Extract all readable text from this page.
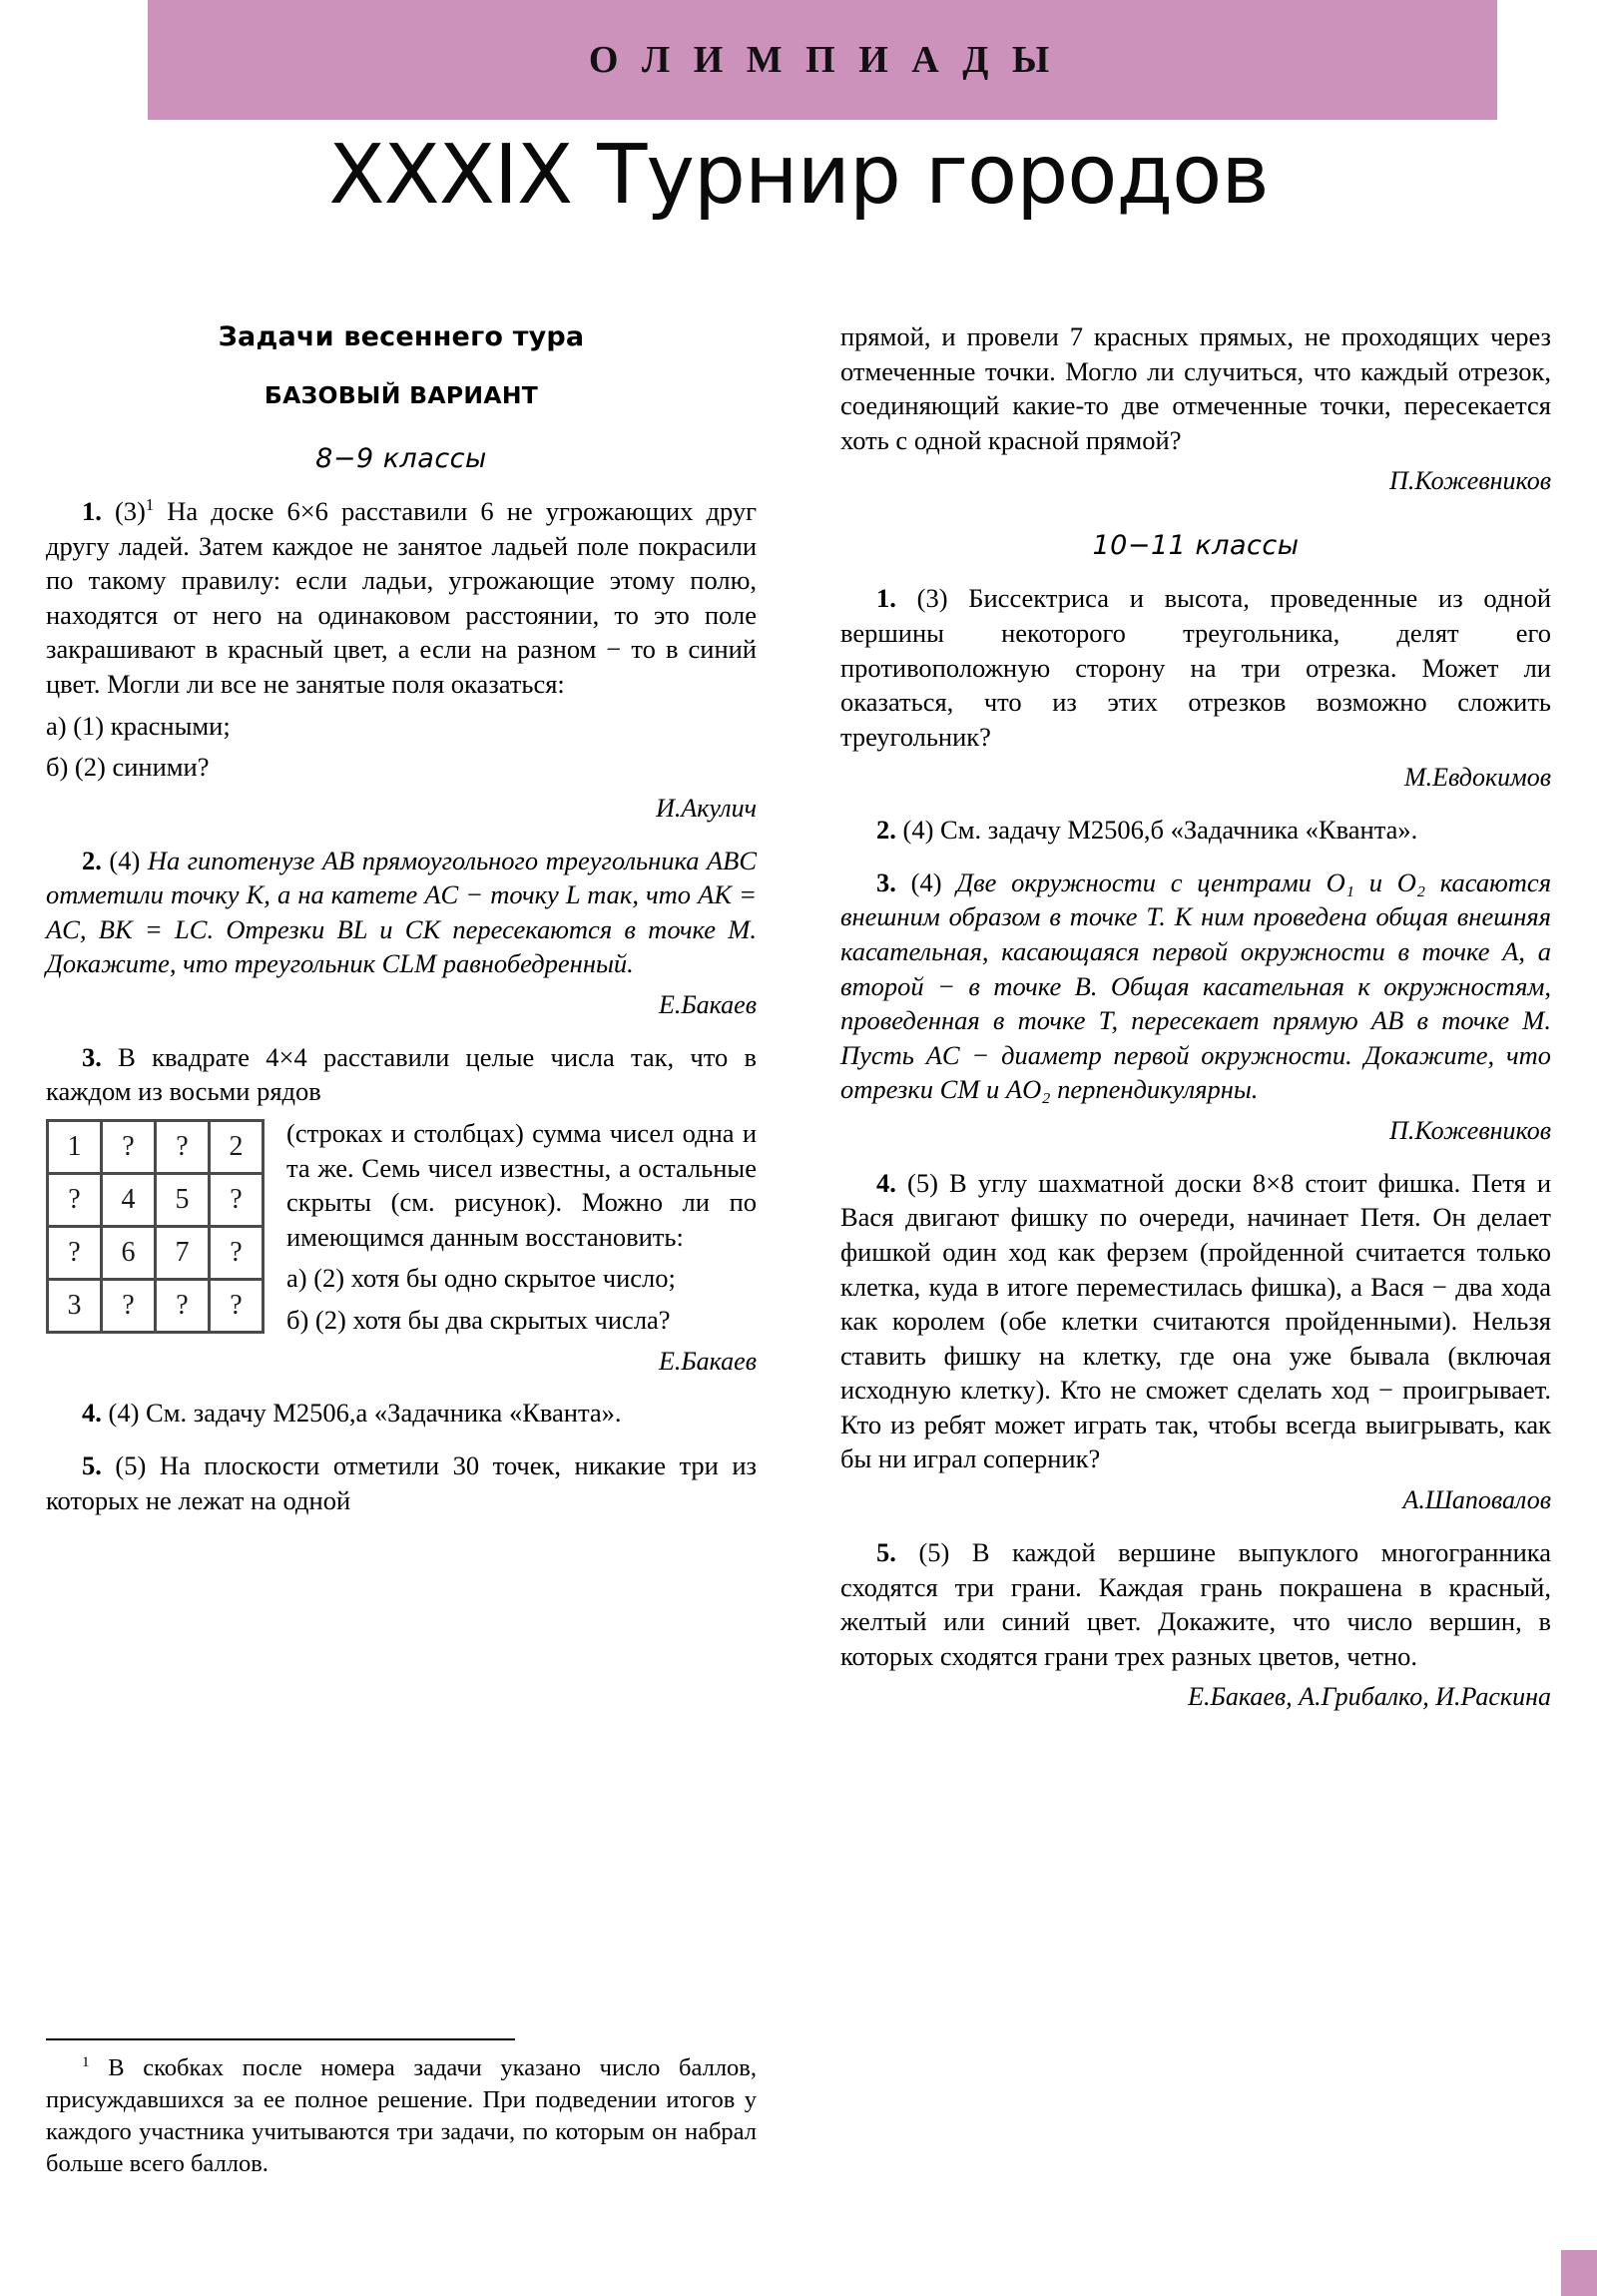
О Л И М П И А Д Ы
XXXIX Турнир городов

Задачи весеннего тура

БАЗОВЫЙ ВАРИАНТ

8−9 классы

1. $(3)^1$ На доске 6×6 расставили 6 не угрожающих друг другу ладей. Затем каждое не занятое ладьей поле покрасили по такому правилу: если ладьи, угрожающие этому полю, находятся от него на одинаковом расстоянии, то это поле закрашивают в красный цвет, а если на разном − то в синий цвет. Могли ли все не занятые поля оказаться:

а) (1) красными;

б) (2) синими?

И.Акулич

2. (4) На гипотенузе AB прямоугольного треугольника ABC отметили точку K, а на катете AC − точку L так, что AK = AC, BK = LC. Отрезки BL и CK пересекаются в точке M. Докажите, что треугольник CLM равнобедренный.

Е.Бакаев

3. В квадрате 4×4 расставили целые числа так, что в каждом из восьми рядов

1	?	?	2
?	4	5	?
?	6	7	?
3	?	?	?

(строках и столбцах) сумма чисел одна и та же. Семь чисел известны, а остальные скрыты (см. рисунок). Можно ли по имеющимся данным восстановить:

а) (2) хотя бы одно скрытое число;

б) (2) хотя бы два скрытых числа?

Е.Бакаев

4. (4) См. задачу М2506,а «Задачника «Кванта».

5. (5) На плоскости отметили 30 точек, никакие три из которых не лежат на одной

прямой, и провели 7 красных прямых, не проходящих через отмеченные точки. Могло ли случиться, что каждый отрезок, соединяющий какие-то две отмеченные точки, пересекается хоть с одной красной прямой?

П.Кожевников

10−11 классы

1. (3) Биссектриса и высота, проведенные из одной вершины некоторого треугольника, делят его противоположную сторону на три отрезка. Может ли оказаться, что из этих отрезков возможно сложить треугольник?

М.Евдокимов

2. (4) См. задачу М2506,б «Задачника «Кванта».

3. (4) Две окружности с центрами O₁ и O₂ касаются внешним образом в точке T. К ним проведена общая внешняя касательная, касающаяся первой окружности в точке A, а второй − в точке B. Общая касательная к окружностям, проведенная в точке T, пересекает прямую AB в точке M. Пусть AC − диаметр первой окружности. Докажите, что отрезки CM и AO₂ перпендикулярны.

П.Кожевников

4. (5) В углу шахматной доски 8×8 стоит фишка. Петя и Вася двигают фишку по очереди, начинает Петя. Он делает фишкой один ход как ферзем (пройденной считается только клетка, куда в итоге переместилась фишка), а Вася − два хода как королем (обе клетки считаются пройденными). Нельзя ставить фишку на клетку, где она уже бывала (включая исходную клетку). Кто не сможет сделать ход − проигрывает. Кто из ребят может играть так, чтобы всегда выигрывать, как бы ни играл соперник?

А.Шаповалов

5. (5) В каждой вершине выпуклого многогранника сходятся три грани. Каждая грань покрашена в красный, желтый или синий цвет. Докажите, что число вершин, в которых сходятся грани трех разных цветов, четно.

Е.Бакаев, А.Грибалко, И.Раскина

$^1$ В скобках после номера задачи указано число баллов, присуждавшихся за ее полное решение. При подведении итогов у каждого участника учитываются три задачи, по которым он набрал больше всего баллов.
